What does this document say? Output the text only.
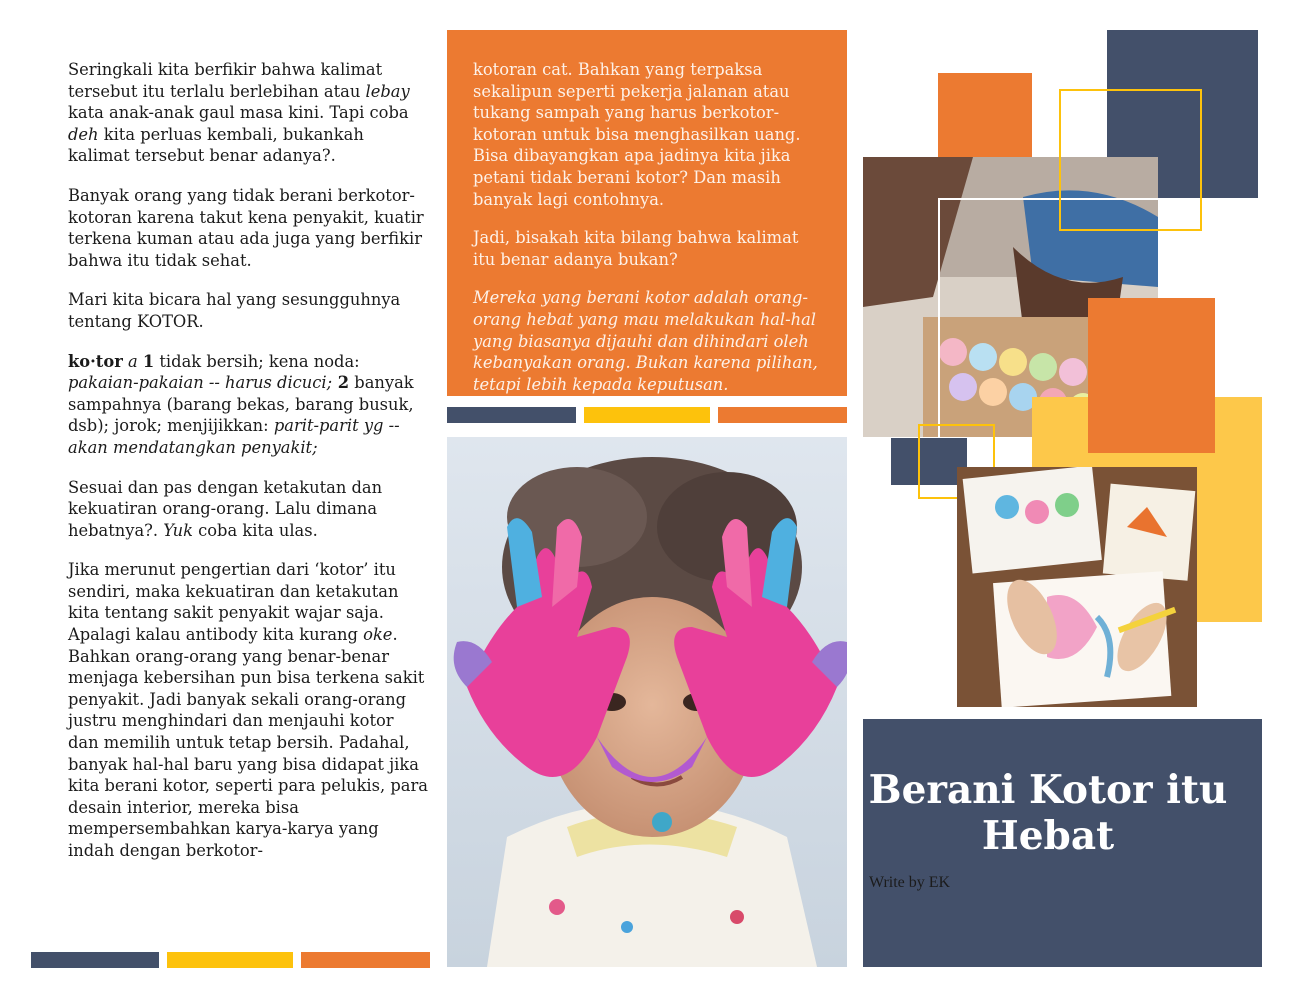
Seringkali kita berfikir bahwa kalimat tersebut itu terlalu berlebihan atau lebay kata anak-anak gaul masa kini. Tapi coba deh kita perluas kembali, bukankah kalimat tersebut benar adanya?.

Banyak orang yang tidak berani berkotor-kotoran karena takut kena penyakit, kuatir terkena kuman atau ada juga yang berfikir bahwa itu tidak sehat.

Mari kita bicara hal yang sesungguhnya tentang KOTOR.

ko·tor a 1 tidak bersih; kena noda: pakaian-pakaian -- harus dicuci; 2 banyak sampahnya (barang bekas, barang busuk, dsb); jorok; menjijikkan: parit-parit yg -- akan mendatangkan penyakit;

Sesuai dan pas dengan ketakutan dan kekuatiran orang-orang. Lalu dimana hebatnya?. Yuk coba kita ulas.

Jika merunut pengertian dari ‘kotor’ itu sendiri, maka kekuatiran dan ketakutan kita tentang sakit penyakit wajar saja. Apalagi kalau antibody kita kurang oke. Bahkan orang-orang yang benar-benar menjaga kebersihan pun bisa terkena sakit penyakit. Jadi banyak sekali orang-orang justru menghindari dan menjauhi kotor dan memilih untuk tetap bersih. Padahal, banyak hal-hal baru yang bisa didapat jika kita berani kotor, seperti para pelukis, para desain interior, mereka bisa mempersembahkan karya-karya yang indah dengan berkotor-

kotoran cat. Bahkan yang terpaksa sekalipun seperti pekerja jalanan atau tukang sampah yang harus berkotor-kotoran untuk bisa menghasilkan uang. Bisa dibayangkan apa jadinya kita jika petani tidak berani kotor? Dan masih banyak lagi contohnya.

Jadi, bisakah kita bilang bahwa kalimat itu benar adanya bukan?

Mereka yang berani kotor adalah orang-orang hebat yang mau melakukan hal-hal yang biasanya dijauhi dan dihindari oleh kebanyakan orang. Bukan karena pilihan, tetapi lebih kepada keputusan.

Berani Kotor itu Hebat
Write by EK
